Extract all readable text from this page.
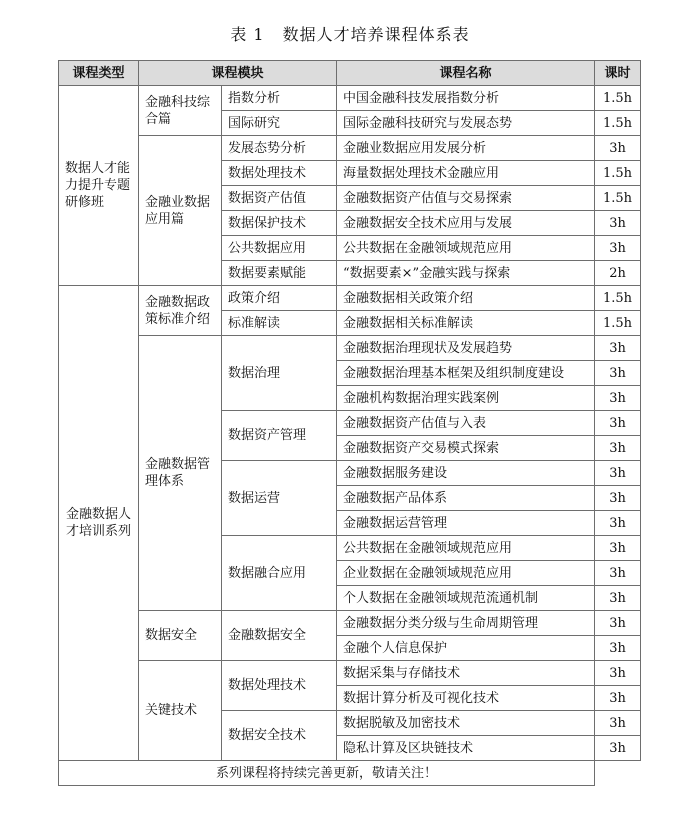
表 1 数据人才培养课程体系表
课程类型	课程模块		课程名称	课时
数据人才能力提升专题研修班	金融科技综合篇	指数分析	中国金融科技发展指数分析	1.5h
		国际研究	国际金融科技研究与发展态势	1.5h
	金融业数据应用篇	发展态势分析	金融业数据应用发展分析	3h
		数据处理技术	海量数据处理技术金融应用	1.5h
		数据资产估值	金融数据资产估值与交易探索	1.5h
		数据保护技术	金融数据安全技术应用与发展	3h
		公共数据应用	公共数据在金融领域规范应用	3h
		数据要素赋能	“数据要素×”金融实践与探索	2h
金融数据人才培训系列	金融数据政策标准介绍	政策介绍	金融数据相关政策介绍	1.5h
		标准解读	金融数据相关标准解读	1.5h
	金融数据管理体系	数据治理	金融数据治理现状及发展趋势	3h
			金融数据治理基本框架及组织制度建设	3h
			金融机构数据治理实践案例	3h
		数据资产管理	金融数据资产估值与入表	3h
			金融数据资产交易模式探索	3h
		数据运营	金融数据服务建设	3h
			金融数据产品体系	3h
			金融数据运营管理	3h
		数据融合应用	公共数据在金融领域规范应用	3h
			企业数据在金融领域规范应用	3h
			个人数据在金融领域规范流通机制	3h
	数据安全	金融数据安全	金融数据分类分级与生命周期管理	3h
			金融个人信息保护	3h
	关键技术	数据处理技术	数据采集与存储技术	3h
			数据计算分析及可视化技术	3h
		数据安全技术	数据脱敏及加密技术	3h
			隐私计算及区块链技术	3h
系列课程将持续完善更新，敬请关注！				
